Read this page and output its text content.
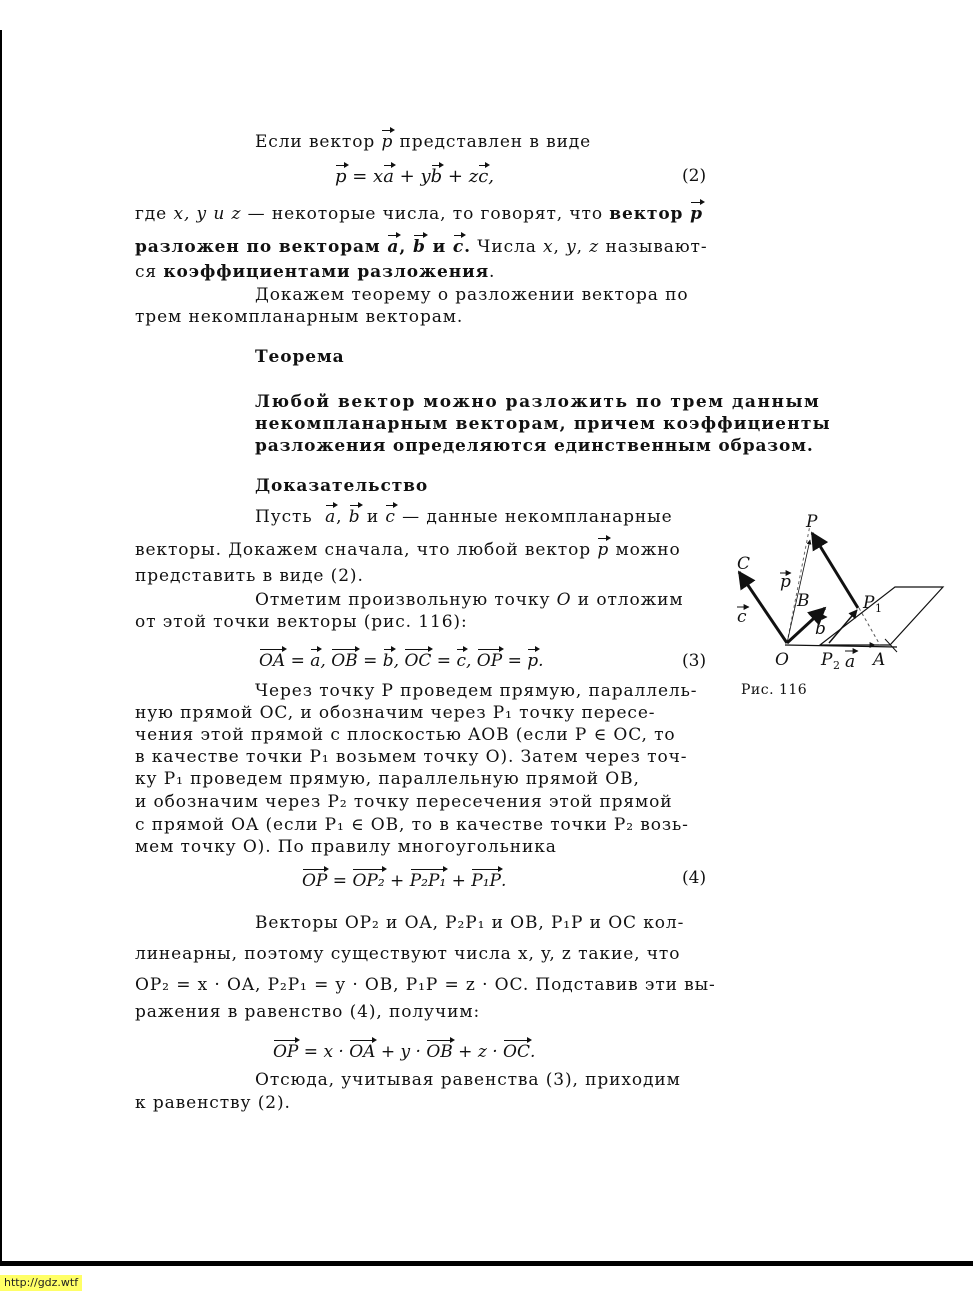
Если вектор p представлен в виде
p = xa + yb + zc,	(2)
где x, y и z — некоторые числа, то говорят, что вектор p
разложен по векторам a, b и c. Числа x, y, z называют-
ся коэффициентами разложения.
Докажем теорему о разложении вектора по
трем некомпланарным векторам.
Теорема
Любой вектор можно разложить по трем данным
некомпланарным векторам, причем коэффициенты
разложения определяются единственным образом.
Доказательство
Пусть a, b и c — данные некомпланарные
векторы. Докажем сначала, что любой вектор p можно
представить в виде (2).
Отметим произвольную точку O и отложим
от этой точки векторы (рис. 116):
OA = a, OB = b, OC = c, OP = p.	(3)
Через точку P проведем прямую, параллель-
ную прямой OC, и обозначим через P₁ точку пересе-
чения этой прямой с плоскостью AOB (если P ∈ OC, то
в качестве точки P₁ возьмем точку O). Затем через точ-
ку P₁ проведем прямую, параллельную прямой OB,
и обозначим через P₂ точку пересечения этой прямой
с прямой OA (если P₁ ∈ OB, то в качестве точки P₂ возь-
мем точку O). По правилу многоугольника
OP = OP₂ + P₂P₁ + P₁P.	(4)
Векторы OP₂ и OA, P₂P₁ и OB, P₁P и OC кол-
линеарны, поэтому существуют числа x, y, z такие, что
OP₂ = x · OA, P₂P₁ = y · OB, P₁P = z · OC. Подставив эти вы-
ражения в равенство (4), получим:
OP = x · OA + y · OB + z · OC.
Отсюда, учитывая равенства (3), приходим
к равенству (2).
P
C
p
c
B
b
P 1
O P 2 a A
Рис. 116
http://gdz.wtf
